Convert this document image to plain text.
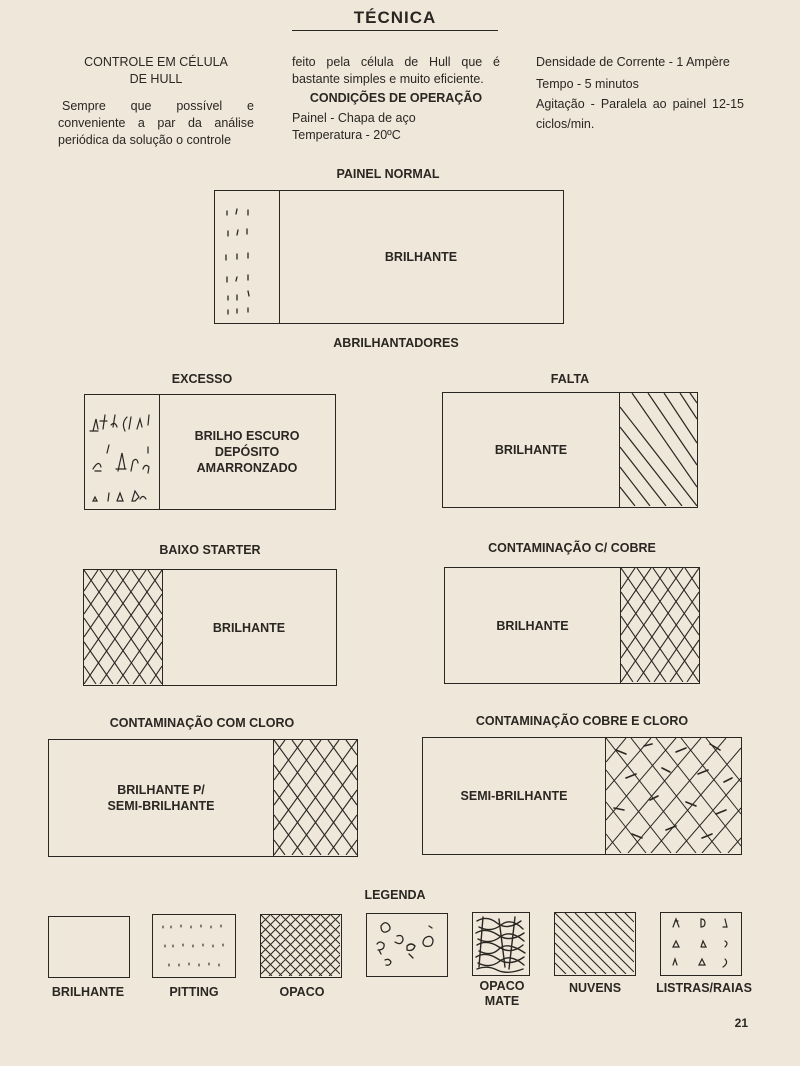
TÉCNICA

CONTROLE EM CÉLULA

DE HULL

Sempre que possível e conveniente a par da análise periódica da solução o controle

feito pela célula de Hull que é bastante simples e muito eficiente.

CONDIÇÕES DE OPERAÇÃO

Painel - Chapa de aço

Temperatura - 20ºC

Densidade de Corrente - 1 Ampère

Tempo - 5 minutos

Agitação - Paralela ao painel 12-15 ciclos/min.

PAINEL NORMAL
BRILHANTE
ABRILHANTADORES
EXCESSO
BRILHO ESCURO
DEPÓSITO
AMARRONZADO
FALTA
BRILHANTE
BAIXO STARTER
BRILHANTE
CONTAMINAÇÃO C/ COBRE
BRILHANTE
CONTAMINAÇÃO COM CLORO
BRILHANTE P/
SEMI-BRILHANTE
CONTAMINAÇÃO COBRE E CLORO
SEMI-BRILHANTE
LEGENDA
BRILHANTE	PITTING	OPACO	OPACO MATE
NUVENS	LISTRAS/RAIAS
21
